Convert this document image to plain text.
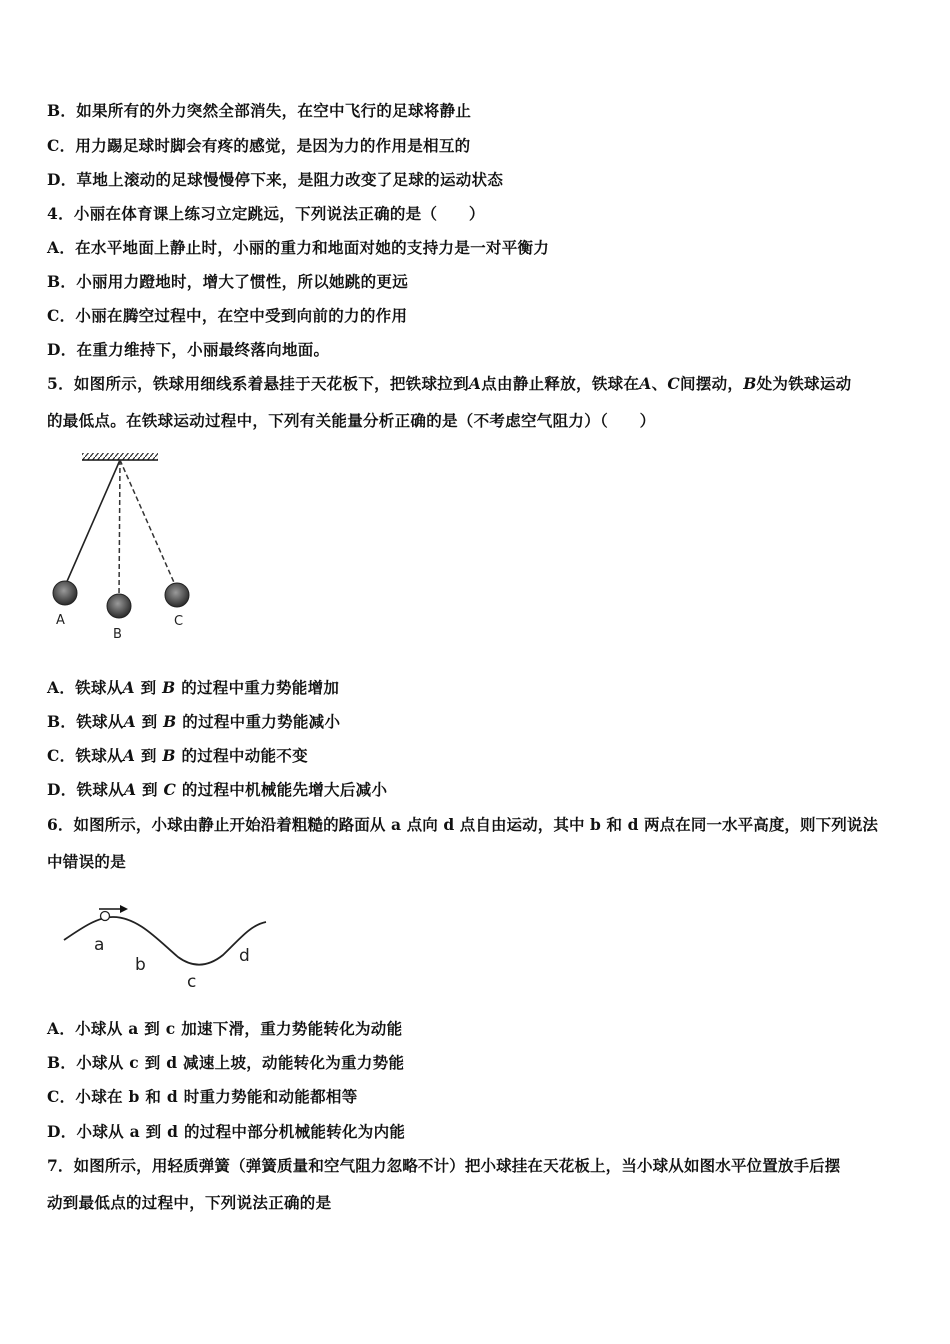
B．如果所有的外力突然全部消失，在空中飞行的足球将静止
C．用力踢足球时脚会有疼的感觉，是因为力的作用是相互的
D．草地上滚动的足球慢慢停下来，是阻力改变了足球的运动状态
4．小丽在体育课上练习立定跳远，下列说法正确的是（　　）
A．在水平地面上静止时，小丽的重力和地面对她的支持力是一对平衡力
B．小丽用力蹬地时，增大了惯性，所以她跳的更远
C．小丽在腾空过程中，在空中受到向前的力的作用
D．在重力维持下，小丽最终落向地面。
5．如图所示，铁球用细线系着悬挂于天花板下，把铁球拉到A点由静止释放，铁球在A、C间摆动，B处为铁球运动
的最低点。在铁球运动过程中，下列有关能量分析正确的是（不考虑空气阻力）（　　）
A
B
C
A．铁球从A 到 B 的过程中重力势能增加
B．铁球从A 到 B 的过程中重力势能减小
C．铁球从A 到 B 的过程中动能不变
D．铁球从A 到 C 的过程中机械能先增大后减小
6．如图所示，小球由静止开始沿着粗糙的路面从 a 点向 d 点自由运动，其中 b 和 d 两点在同一水平高度，则下列说法
中错误的是
a
b
c
d
A．小球从 a 到 c 加速下滑，重力势能转化为动能
B．小球从 c 到 d 减速上坡，动能转化为重力势能
C．小球在 b 和 d 时重力势能和动能都相等
D．小球从 a 到 d 的过程中部分机械能转化为内能
7．如图所示，用轻质弹簧（弹簧质量和空气阻力忽略不计）把小球挂在天花板上，当小球从如图水平位置放手后摆
动到最低点的过程中，下列说法正确的是
